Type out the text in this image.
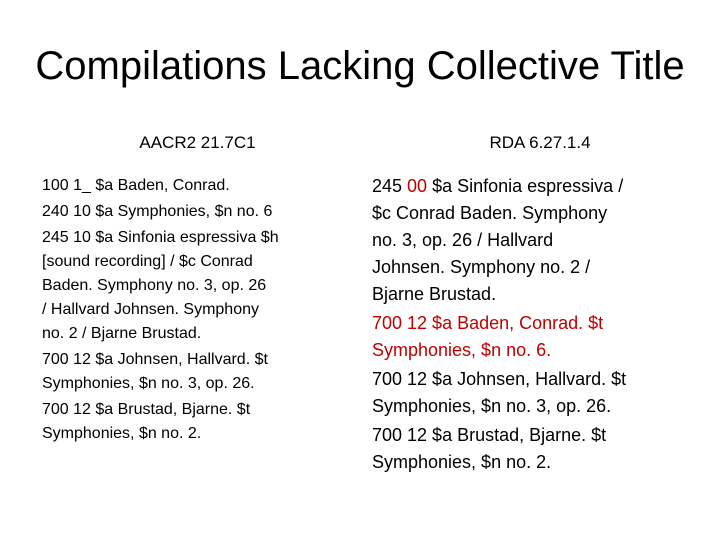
Compilations Lacking Collective Title
AACR2 21.7C1	RDA 6.27.1.4
100 1_ $a Baden, Conrad.
240 10 $a Symphonies, $n no. 6
245 10 $a Sinfonia espressiva $h
[sound recording] / $c Conrad
Baden. Symphony no. 3, op. 26
/ Hallvard Johnsen. Symphony
no. 2 / Bjarne Brustad.
700 12 $a Johnsen, Hallvard. $t
Symphonies, $n no. 3, op. 26.
700 12 $a Brustad, Bjarne. $t
Symphonies, $n no. 2.
245 00 $a Sinfonia espressiva /
$c Conrad Baden. Symphony
no. 3, op. 26 / Hallvard
Johnsen. Symphony no. 2 /
Bjarne Brustad.
700 12 $a Baden, Conrad. $t
Symphonies, $n no. 6.
700 12 $a Johnsen, Hallvard. $t
Symphonies, $n no. 3, op. 26.
700 12 $a Brustad, Bjarne. $t
Symphonies, $n no. 2.
